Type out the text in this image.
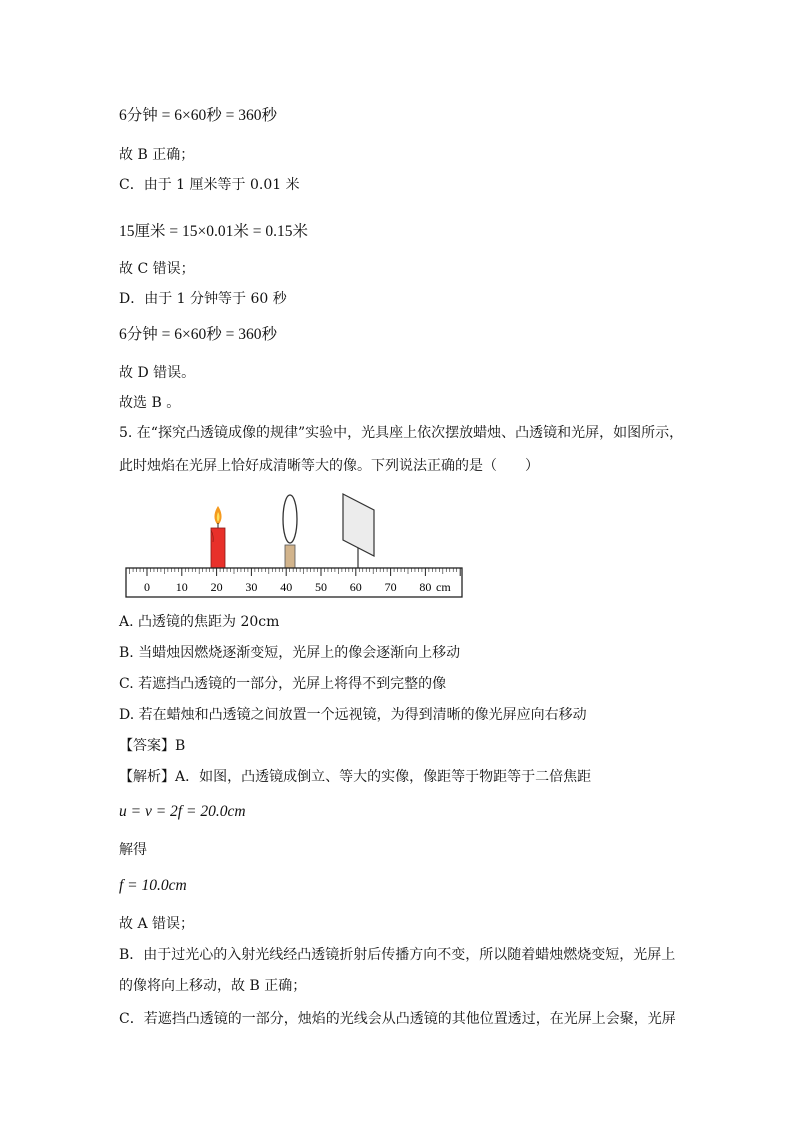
6分钟 = 6×60秒 = 360秒
故 B 正确；
C．由于 1 厘米等于 0.01 米
15厘米 = 15×0.01米 = 0.15米
故 C 错误；
D．由于 1 分钟等于 60 秒
6分钟 = 6×60秒 = 360秒
故 D 错误。
故选 B 。
5. 在“探究凸透镜成像的规律”实验中，光具座上依次摆放蜡烛、凸透镜和光屏，如图所示，
此时烛焰在光屏上恰好成清晰等大的像。下列说法正确的是（　　）
0 10 20 30 40 50 60 70 80 cm
A. 凸透镜的焦距为 20cm
B. 当蜡烛因燃烧逐渐变短，光屏上的像会逐渐向上移动
C. 若遮挡凸透镜的一部分，光屏上将得不到完整的像
D. 若在蜡烛和凸透镜之间放置一个远视镜，为得到清晰的像光屏应向右移动
【答案】B
【解析】A．如图，凸透镜成倒立、等大的实像，像距等于物距等于二倍焦距
u = v = 2f = 20.0cm
解得
f = 10.0cm
故 A 错误；
B．由于过光心的入射光线经凸透镜折射后传播方向不变，所以随着蜡烛燃烧变短，光屏上
的像将向上移动，故 B 正确；
C．若遮挡凸透镜的一部分，烛焰的光线会从凸透镜的其他位置透过，在光屏上会聚，光屏
